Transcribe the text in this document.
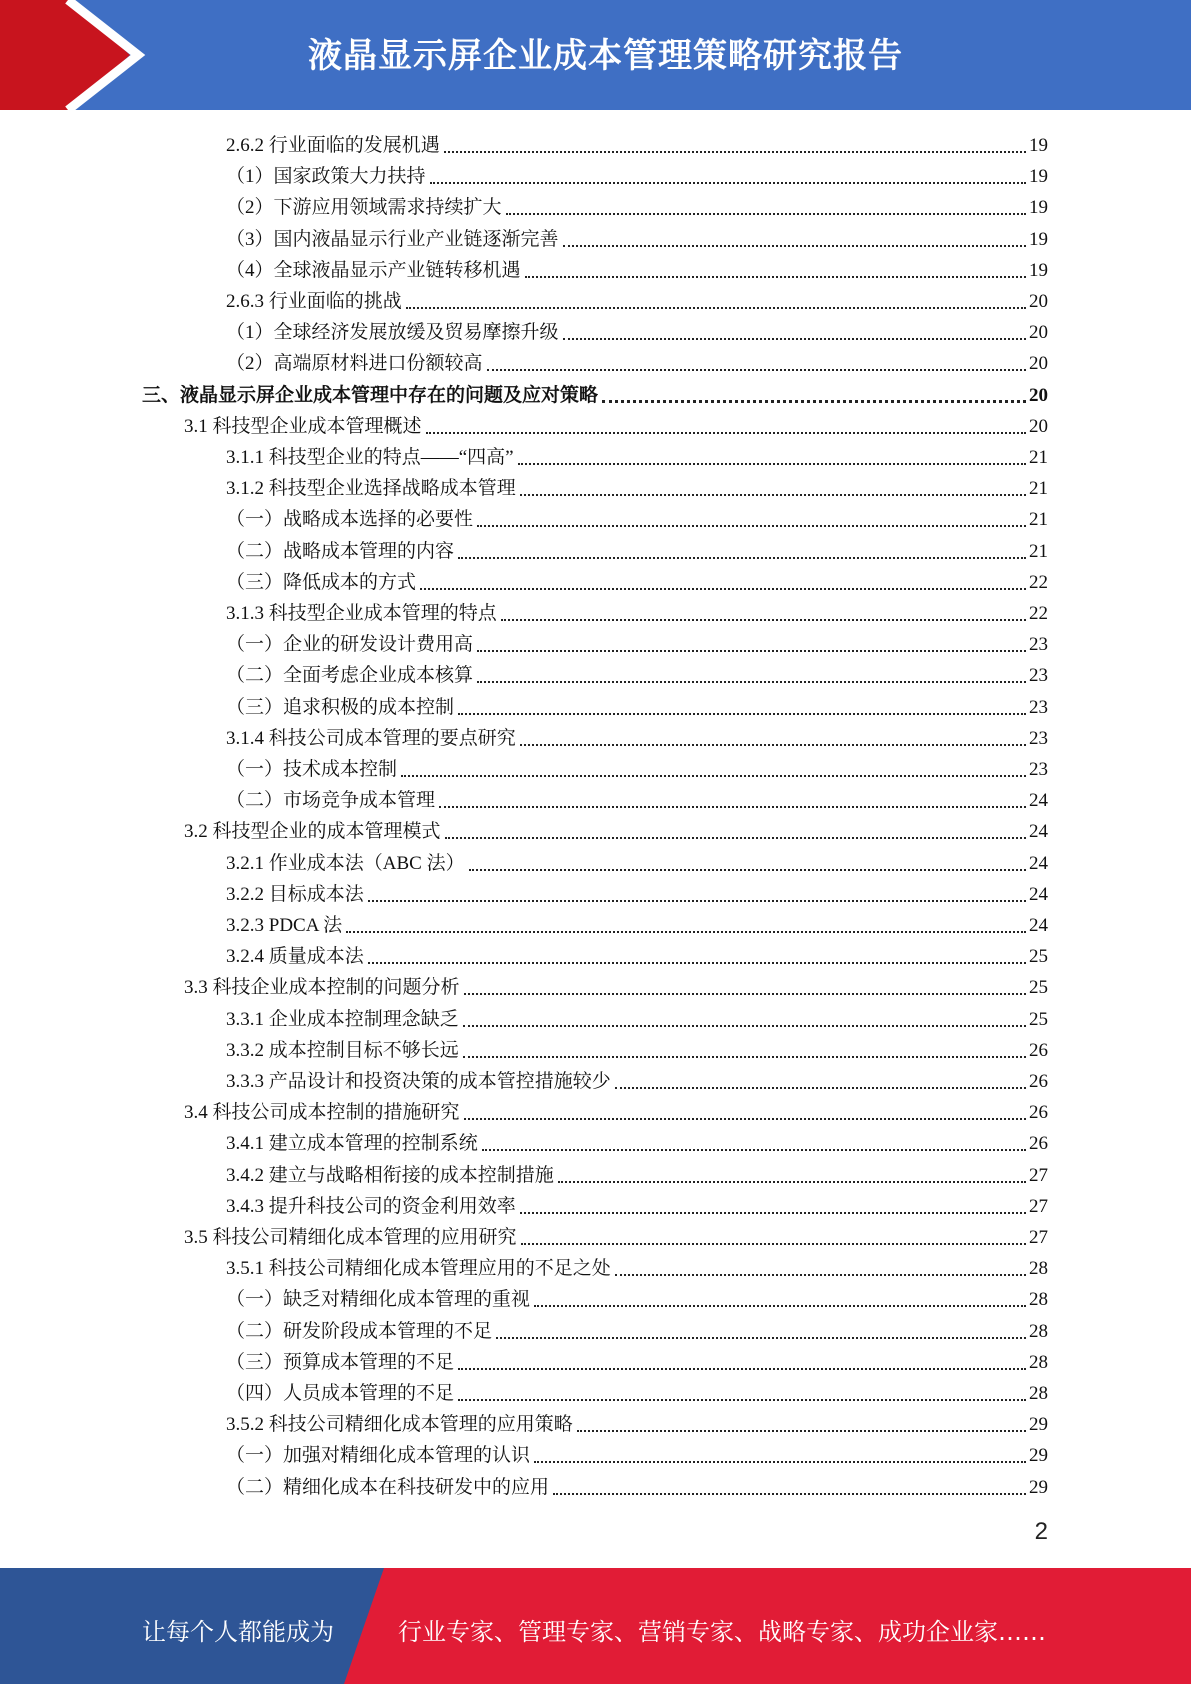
液晶显示屏企业成本管理策略研究报告
2.6.2 行业面临的发展机遇	19
（1）国家政策大力扶持	19
（2）下游应用领域需求持续扩大	19
（3）国内液晶显示行业产业链逐渐完善	19
（4）全球液晶显示产业链转移机遇	19
2.6.3 行业面临的挑战	20
（1）全球经济发展放缓及贸易摩擦升级	20
（2）高端原材料进口份额较高	20
三、液晶显示屏企业成本管理中存在的问题及应对策略	20
3.1 科技型企业成本管理概述	20
3.1.1 科技型企业的特点——“四高”	21
3.1.2 科技型企业选择战略成本管理	21
（一）战略成本选择的必要性	21
（二）战略成本管理的内容	21
（三）降低成本的方式	22
3.1.3 科技型企业成本管理的特点	22
（一）企业的研发设计费用高	23
（二）全面考虑企业成本核算	23
（三）追求积极的成本控制	23
3.1.4 科技公司成本管理的要点研究	23
（一）技术成本控制	23
（二）市场竞争成本管理	24
3.2 科技型企业的成本管理模式	24
3.2.1 作业成本法（ABC 法）	24
3.2.2 目标成本法	24
3.2.3 PDCA 法	24
3.2.4 质量成本法	25
3.3 科技企业成本控制的问题分析	25
3.3.1 企业成本控制理念缺乏	25
3.3.2 成本控制目标不够长远	26
3.3.3 产品设计和投资决策的成本管控措施较少	26
3.4 科技公司成本控制的措施研究	26
3.4.1 建立成本管理的控制系统	26
3.4.2 建立与战略相衔接的成本控制措施	27
3.4.3 提升科技公司的资金利用效率	27
3.5 科技公司精细化成本管理的应用研究	27
3.5.1 科技公司精细化成本管理应用的不足之处	28
（一）缺乏对精细化成本管理的重视	28
（二）研发阶段成本管理的不足	28
（三）预算成本管理的不足	28
（四）人员成本管理的不足	28
3.5.2 科技公司精细化成本管理的应用策略	29
（一）加强对精细化成本管理的认识	29
（二）精细化成本在科技研发中的应用	29
2
让每个人都能成为	行业专家、管理专家、营销专家、战略专家、成功企业家……
